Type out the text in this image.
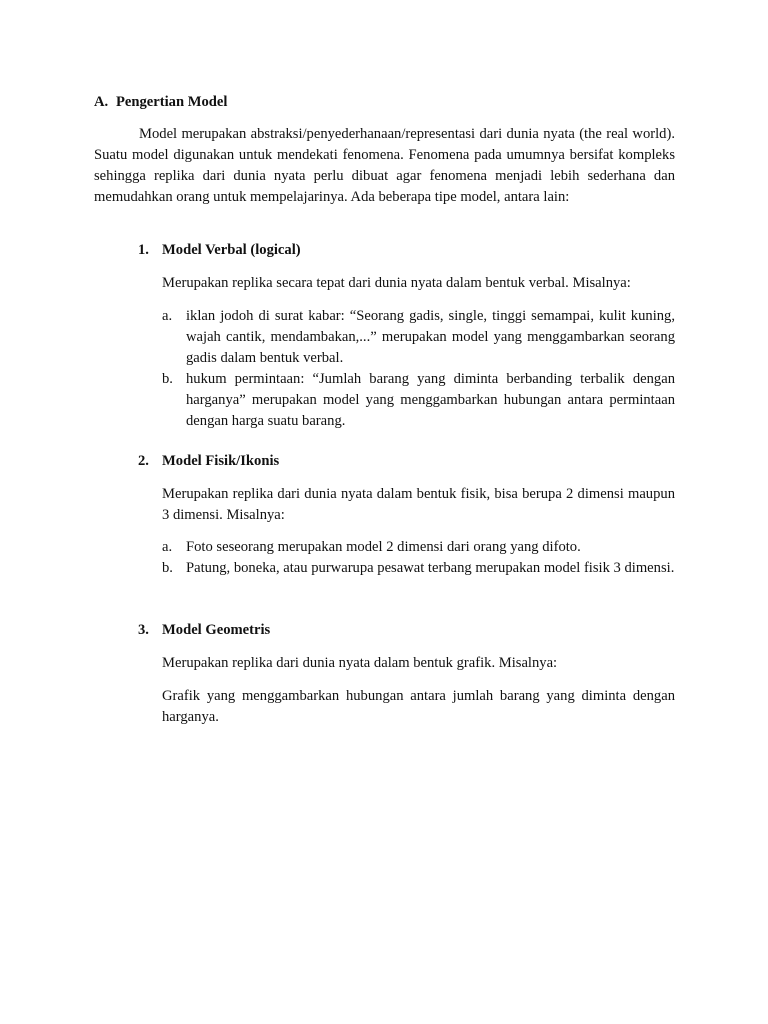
A. Pengertian Model
Model merupakan abstraksi/penyederhanaan/representasi dari dunia nyata (the real world). Suatu model digunakan untuk mendekati fenomena. Fenomena pada umumnya bersifat kompleks sehingga replika dari dunia nyata perlu dibuat agar fenomena menjadi lebih sederhana dan memudahkan orang untuk mempelajarinya. Ada beberapa tipe model, antara lain:
1. Model Verbal (logical)
Merupakan replika secara tepat dari dunia nyata dalam bentuk verbal. Misalnya:
a. iklan jodoh di surat kabar: “Seorang gadis, single, tinggi semampai, kulit kuning, wajah cantik, mendambakan,...” merupakan model yang menggambarkan seorang gadis dalam bentuk verbal.
b. hukum permintaan: “Jumlah barang yang diminta berbanding terbalik dengan harganya” merupakan model yang menggambarkan hubungan antara permintaan dengan harga suatu barang.
2. Model Fisik/Ikonis
Merupakan replika dari dunia nyata dalam bentuk fisik, bisa berupa 2 dimensi maupun 3 dimensi. Misalnya:
a. Foto seseorang merupakan model 2 dimensi dari orang yang difoto.
b. Patung, boneka, atau purwarupa pesawat terbang merupakan model fisik 3 dimensi.
3. Model Geometris
Merupakan replika dari dunia nyata dalam bentuk grafik. Misalnya:
Grafik yang menggambarkan hubungan antara jumlah barang yang diminta dengan harganya.
